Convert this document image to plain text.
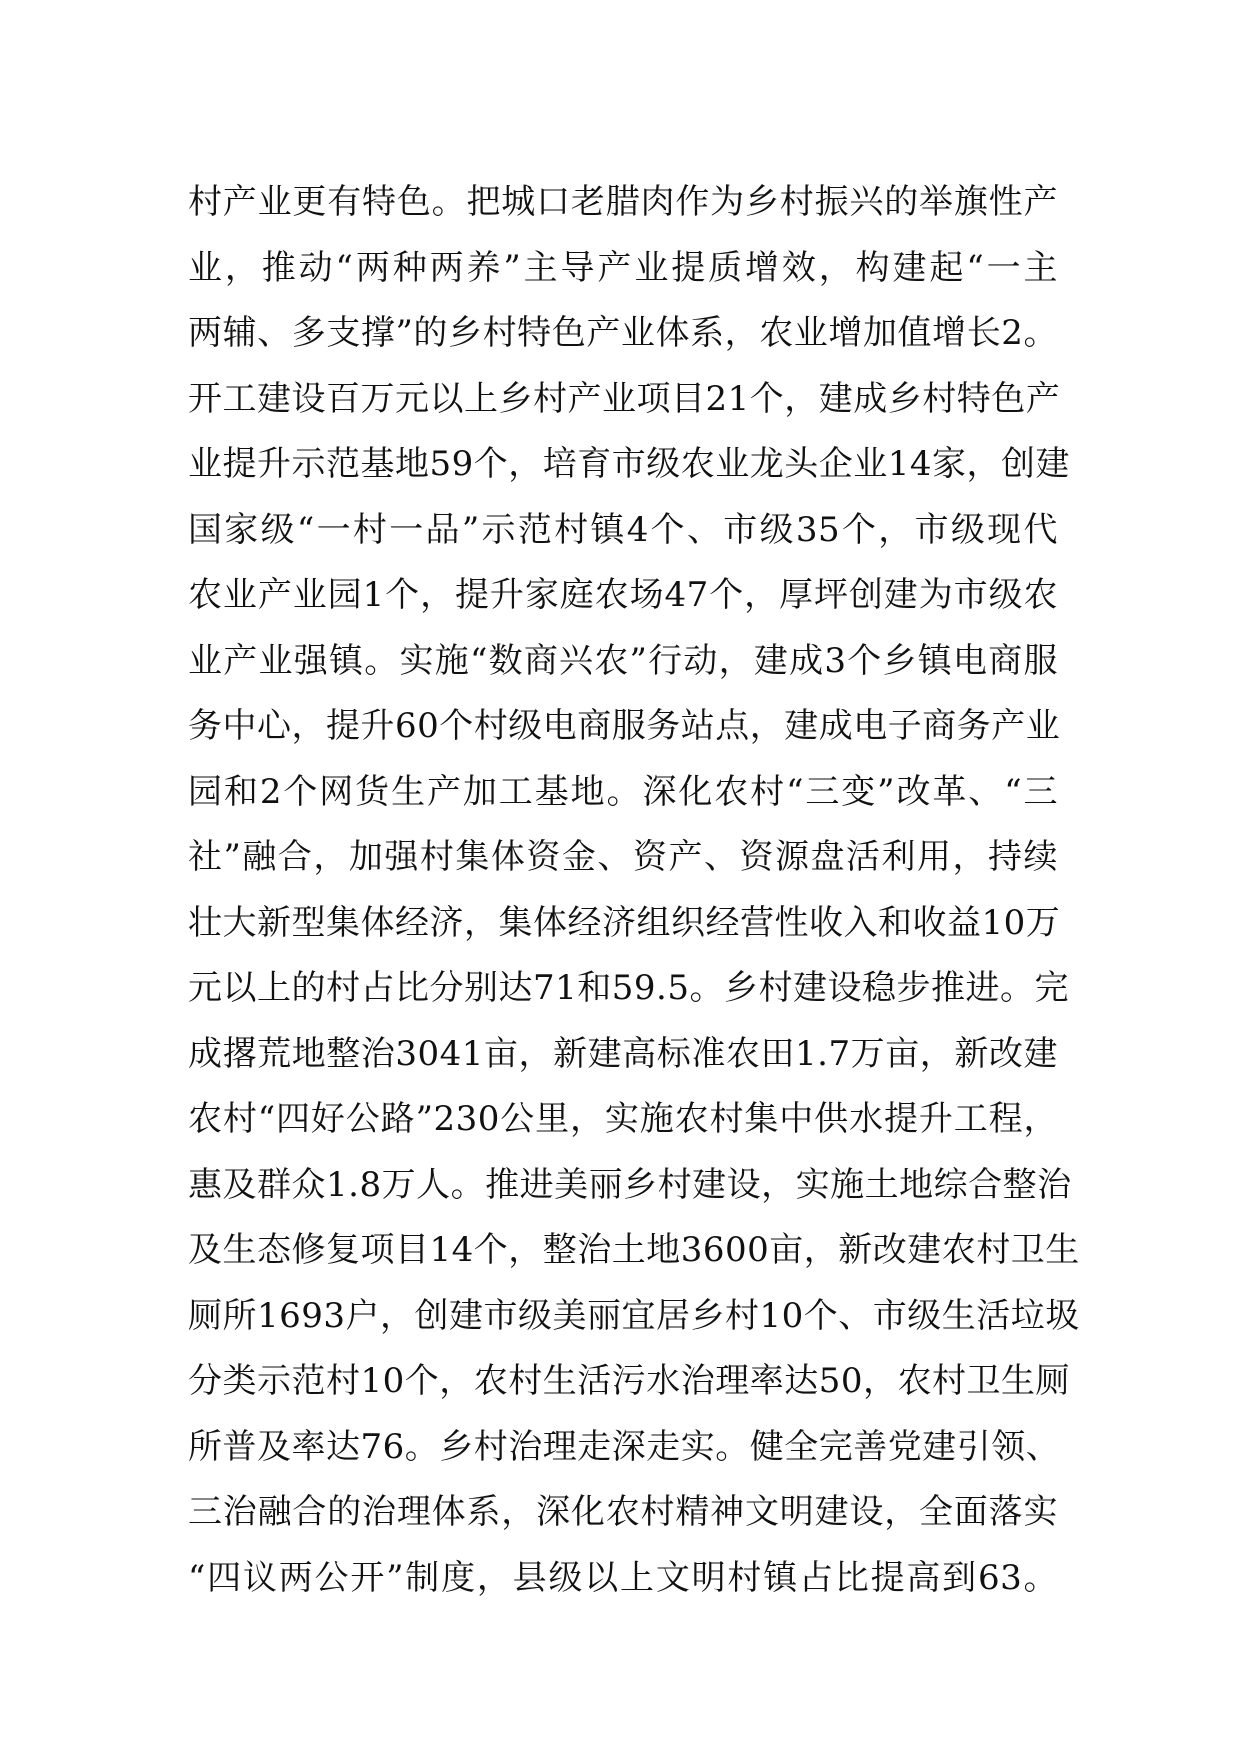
村产业更有特色。把城口老腊肉作为乡村振兴的举旗性产
业，推动“两种两养”主导产业提质增效，构建起“一主
两辅、多支撑”的乡村特色产业体系，农业增加值增长2。
开工建设百万元以上乡村产业项目21个，建成乡村特色产
业提升示范基地59个，培育市级农业龙头企业14家，创建
国家级“一村一品”示范村镇4个、市级35个，市级现代
农业产业园1个，提升家庭农场47个，厚坪创建为市级农
业产业强镇。实施“数商兴农”行动，建成3个乡镇电商服
务中心，提升60个村级电商服务站点，建成电子商务产业
园和2个网货生产加工基地。深化农村“三变”改革、“三
社”融合，加强村集体资金、资产、资源盘活利用，持续
壮大新型集体经济，集体经济组织经营性收入和收益10万
元以上的村占比分别达71和59.5。乡村建设稳步推进。完
成撂荒地整治3041亩，新建高标准农田1.7万亩，新改建
农村“四好公路”230公里，实施农村集中供水提升工程，
惠及群众1.8万人。推进美丽乡村建设，实施土地综合整治
及生态修复项目14个，整治土地3600亩，新改建农村卫生
厕所1693户，创建市级美丽宜居乡村10个、市级生活垃圾
分类示范村10个，农村生活污水治理率达50，农村卫生厕
所普及率达76。乡村治理走深走实。健全完善党建引领、
三治融合的治理体系，深化农村精神文明建设，全面落实
“四议两公开”制度，县级以上文明村镇占比提高到63。
